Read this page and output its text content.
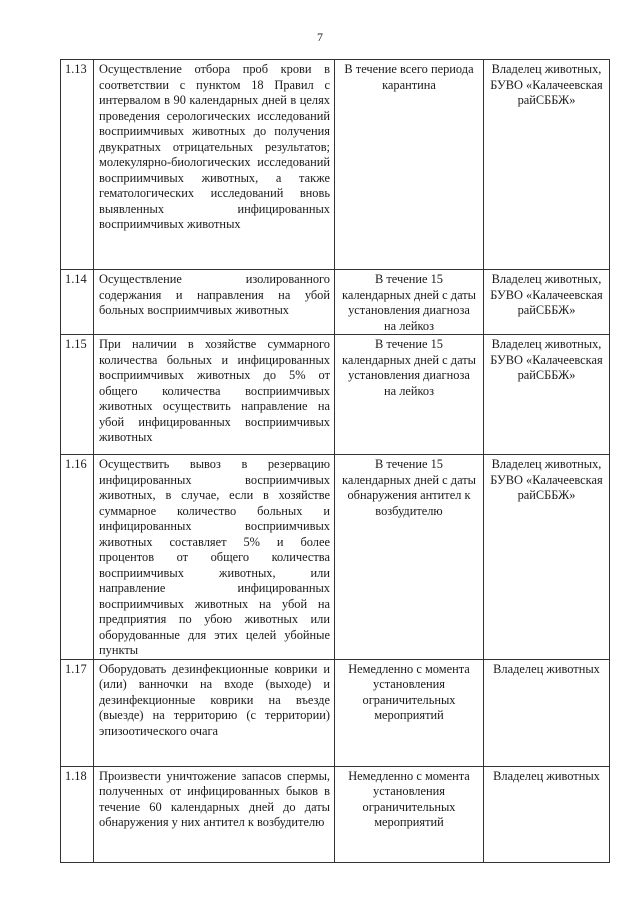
7
1.13	Осуществление отбора проб крови в соответствии с пунктом 18 Правил с интервалом в 90 календарных дней в целях проведения серологических исследований восприимчивых животных до получения двукратных отрицательных результатов; молекулярно-биологических исследований восприимчивых животных, а также гематологических исследований вновь выявленных инфицированных восприимчивых животных	В течение всего периода карантина	Владелец животных, БУВО «Калачеевская райСББЖ»
1.14	Осуществление изолированного содержания и направления на убой больных восприимчивых животных	В течение 15 календарных дней с даты установления диагноза на лейкоз	Владелец животных, БУВО «Калачеевская райСББЖ»
1.15	При наличии в хозяйстве суммарного количества больных и инфицированных восприимчивых животных до 5% от общего количества восприимчивых животных осуществить направление на убой инфицированных восприимчивых животных	В течение 15 календарных дней с даты установления диагноза на лейкоз	Владелец животных, БУВО «Калачеевская райСББЖ»
1.16	Осуществить вывоз в резервацию инфицированных восприимчивых животных, в случае, если в хозяйстве суммарное количество больных и инфицированных восприимчивых животных составляет 5% и более процентов от общего количества восприимчивых животных, или направление инфицированных восприимчивых животных на убой на предприятия по убою животных или оборудованные для этих целей убойные пункты	В течение 15 календарных дней с даты обнаружения антител к возбудителю	Владелец животных, БУВО «Калачеевская райСББЖ»
1.17	Оборудовать дезинфекционные коврики и (или) ванночки на входе (выходе) и дезинфекционные коврики на въезде (выезде) на территорию (с территории) эпизоотического очага	Немедленно с момента установления ограничительных мероприятий	Владелец животных
1.18	Произвести уничтожение запасов спермы, полученных от инфицированных быков в течение 60 календарных дней до даты обнаружения у них антител к возбудителю	Немедленно с момента установления ограничительных мероприятий	Владелец животных
